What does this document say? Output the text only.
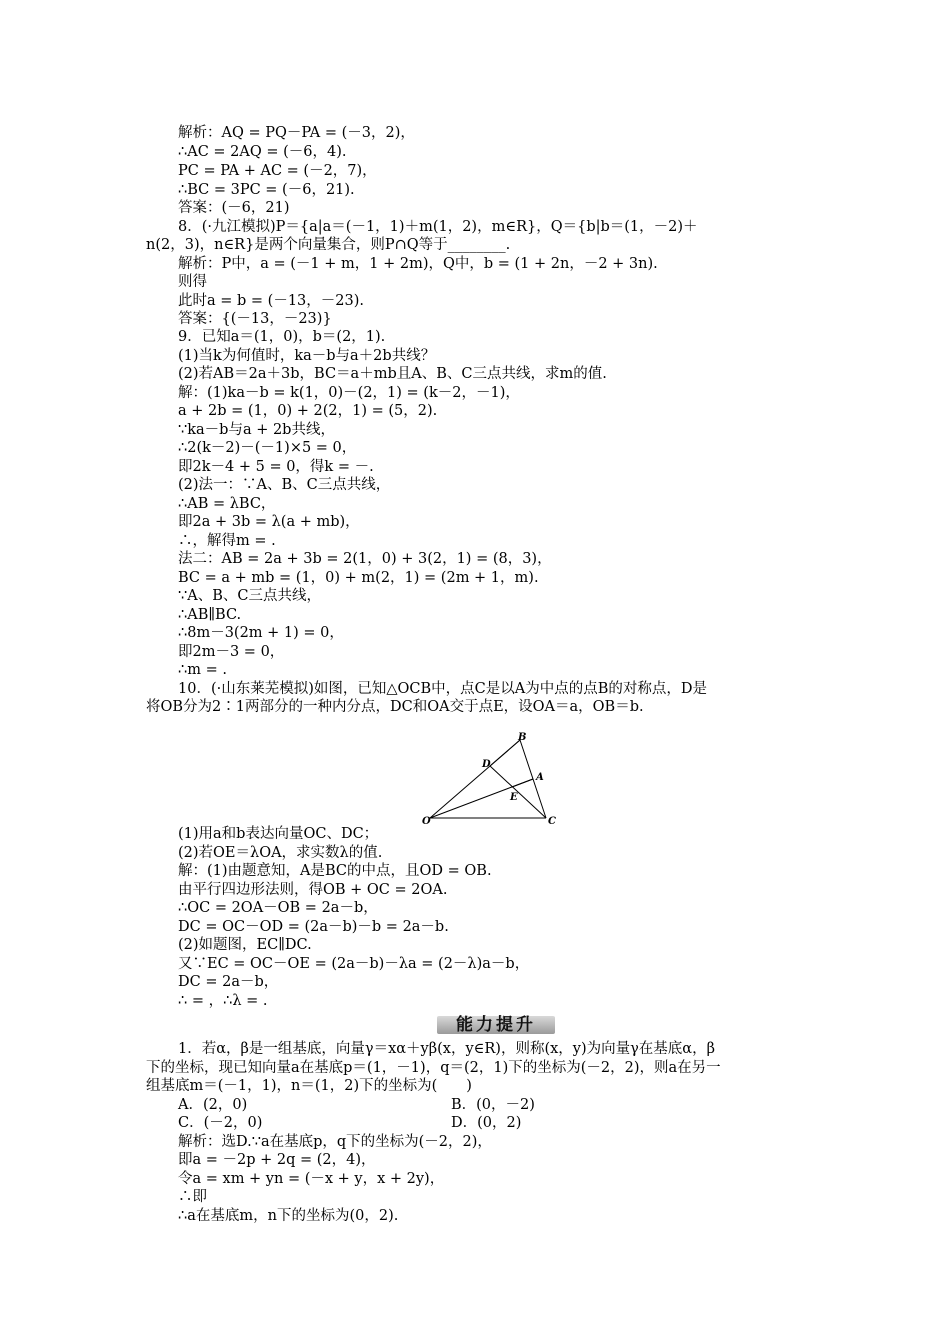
解析：AQ = PQ－PA = (－3，2)，
∴AC = 2AQ = (－6，4).
PC = PA + AC = (－2，7)，
∴BC = 3PC = (－6，21).
答案：(－6，21)
8．(·九江模拟)P＝{a|a＝(－1，1)＋m(1，2)，m∈R}，Q＝{b|b＝(1，－2)＋
n(2，3)，n∈R}是两个向量集合，则P∩Q等于________.
解析：P中，a = (－1 + m，1 + 2m)，Q中，b = (1 + 2n，－2 + 3n).
则得
此时a = b = (－13，－23).
答案：{(－13，－23)}
9．已知a＝(1，0)，b＝(2，1).
(1)当k为何值时，ka－b与a＋2b共线？
(2)若AB＝2a＋3b，BC＝a＋mb且A、B、C三点共线，求m的值.
解：(1)ka－b = k(1，0)－(2，1) = (k－2，－1)，
a + 2b = (1，0) + 2(2，1) = (5，2).
∵ka－b与a + 2b共线，
∴2(k－2)－(－1)×5 = 0，
即2k－4 + 5 = 0，得k = －.
(2)法一：∵A、B、C三点共线，
∴AB = λBC，
即2a + 3b = λ(a + mb)，
∴，解得m = .
法二：AB = 2a + 3b = 2(1，0) + 3(2，1) = (8，3)，
BC = a + mb = (1，0) + m(2，1) = (2m + 1，m).
∵A、B、C三点共线，
∴AB∥BC.
∴8m－3(2m + 1) = 0，
即2m－3 = 0，
∴m = .
10．(·山东莱芜模拟)如图，已知△OCB中，点C是以A为中点的点B的对称点，D是
将OB分为2∶1两部分的一种内分点，DC和OA交于点E，设OA＝a，OB＝b.
B
D
A
E
O	C
(1)用a和b表达向量OC、DC；
(2)若OE＝λOA，求实数λ的值.
解：(1)由题意知，A是BC的中点，且OD = OB.
由平行四边形法则，得OB + OC = 2OA.
∴OC = 2OA－OB = 2a－b，
DC = OC－OD = (2a－b)－b = 2a－b.
(2)如题图，EC∥DC.
又∵EC = OC－OE = (2a－b)－λa = (2－λ)a－b，
DC = 2a－b，
∴ = ，∴λ = .
能力提升
1．若α，β是一组基底，向量γ＝xα＋yβ(x，y∈R)，则称(x，y)为向量γ在基底α，β
下的坐标，现已知向量a在基底p＝(1，－1)，q＝(2，1)下的坐标为(－2，2)，则a在另一
组基底m＝(－1，1)，n＝(1，2)下的坐标为(　　)
A．(2，0)	B．(0，－2)
C．(－2，0)	D．(0，2)
解析：选D.∵a在基底p，q下的坐标为(－2，2)，
即a = －2p + 2q = (2，4)，
令a = xm + yn = (－x + y，x + 2y)，
∴即
∴a在基底m，n下的坐标为(0，2).
